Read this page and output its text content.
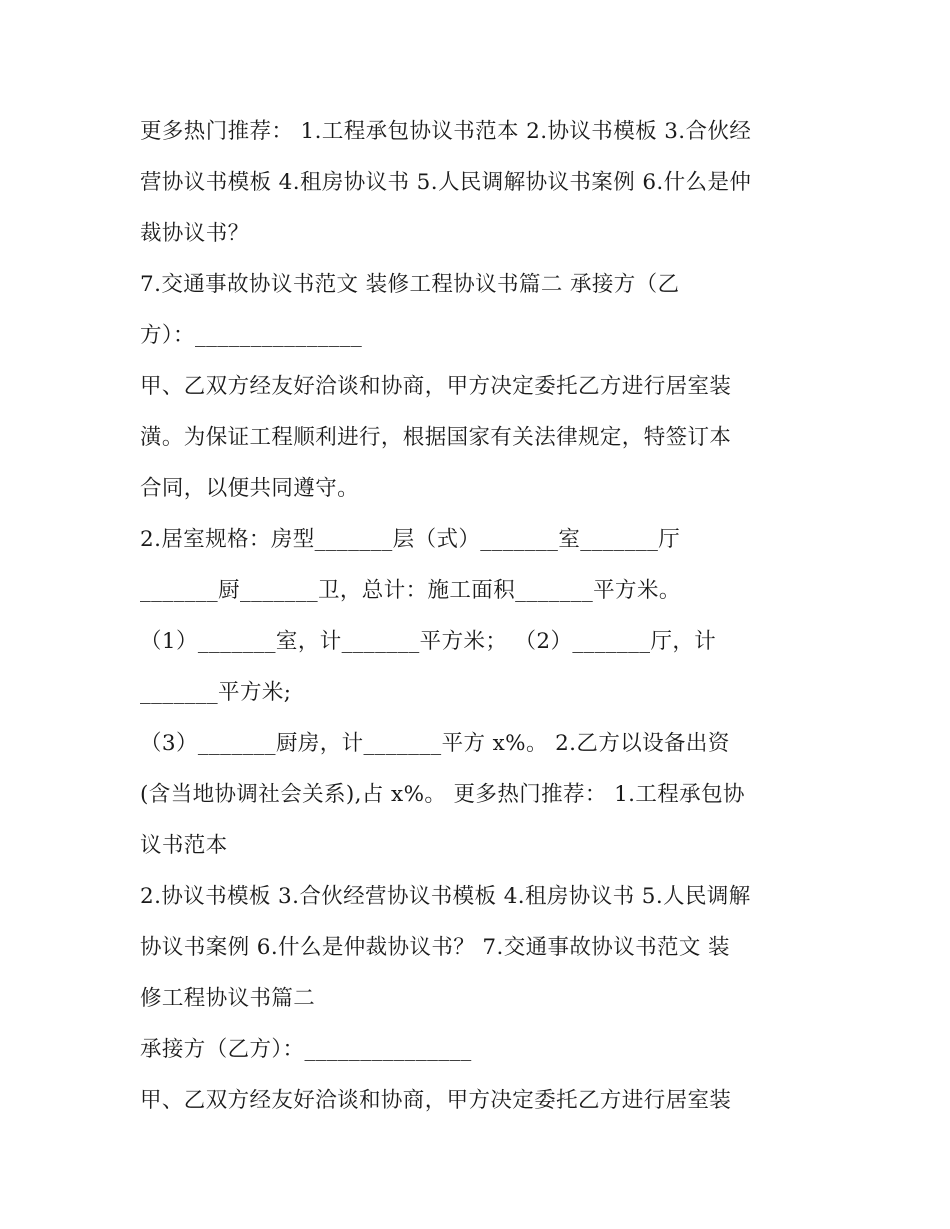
更多热门推荐： 1.工程承包协议书范本 2.协议书模板 3.合伙经
营协议书模板 4.租房协议书 5.人民调解协议书案例 6.什么是仲
裁协议书？
7.交通事故协议书范文 装修工程协议书篇二 承接方（乙
方）：_______________
甲、乙双方经友好洽谈和协商，甲方决定委托乙方进行居室装
潢。为保证工程顺利进行，根据国家有关法律规定，特签订本
合同，以便共同遵守。
2.居室规格：房型_______层（式）_______室_______厅
_______厨_______卫，总计：施工面积_______平方米。
（1）_______室，计_______平方米； （2）_______厅，计
_______平方米;
（3）_______厨房，计_______平方 x%。 2.乙方以设备出资
(含当地协调社会关系),占 x%。 更多热门推荐： 1.工程承包协
议书范本
2.协议书模板 3.合伙经营协议书模板 4.租房协议书 5.人民调解
协议书案例 6.什么是仲裁协议书？ 7.交通事故协议书范文 装
修工程协议书篇二
承接方（乙方）：_______________
甲、乙双方经友好洽谈和协商，甲方决定委托乙方进行居室装
